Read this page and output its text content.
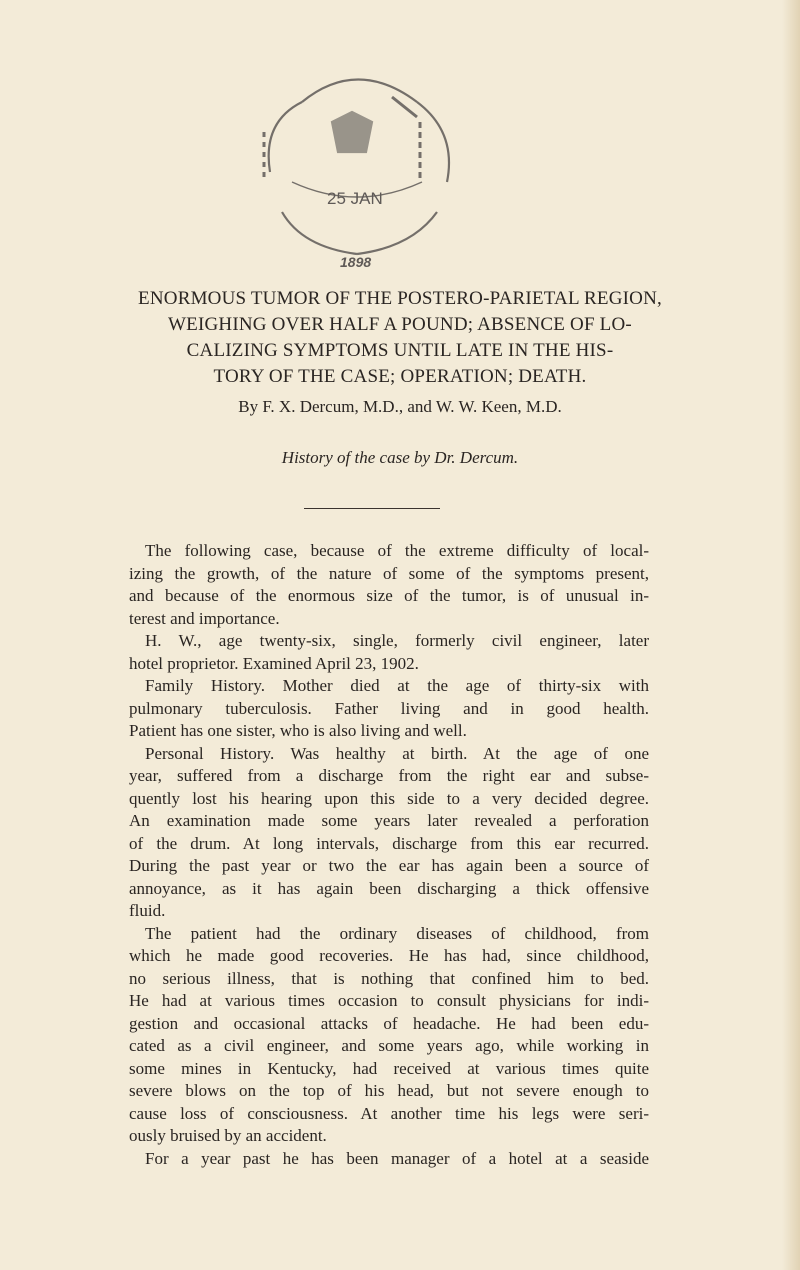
25 JAN
1898
ENORMOUS TUMOR OF THE POSTERO-PARIETAL REGION,
WEIGHING OVER HALF A POUND; ABSENCE OF LO-
CALIZING SYMPTOMS UNTIL LATE IN THE HIS-
TORY OF THE CASE; OPERATION; DEATH.

By F. X. Dercum, M.D., and W. W. Keen, M.D.

History of the case by Dr. Dercum.

The following case, because of the extreme difficulty of local-
izing the growth, of the nature of some of the symptoms present,
and because of the enormous size of the tumor, is of unusual in-
terest and importance.
H. W., age twenty-six, single, formerly civil engineer, later
hotel proprietor. Examined April 23, 1902.
Family History. Mother died at the age of thirty-six with
pulmonary tuberculosis. Father living and in good health.
Patient has one sister, who is also living and well.
Personal History. Was healthy at birth. At the age of one
year, suffered from a discharge from the right ear and subse-
quently lost his hearing upon this side to a very decided degree.
An examination made some years later revealed a perforation
of the drum. At long intervals, discharge from this ear recurred.
During the past year or two the ear has again been a source of
annoyance, as it has again been discharging a thick offensive
fluid.
The patient had the ordinary diseases of childhood, from
which he made good recoveries. He has had, since childhood,
no serious illness, that is nothing that confined him to bed.
He had at various times occasion to consult physicians for indi-
gestion and occasional attacks of headache. He had been edu-
cated as a civil engineer, and some years ago, while working in
some mines in Kentucky, had received at various times quite
severe blows on the top of his head, but not severe enough to
cause loss of consciousness. At another time his legs were seri-
ously bruised by an accident.
For a year past he has been manager of a hotel at a seaside
